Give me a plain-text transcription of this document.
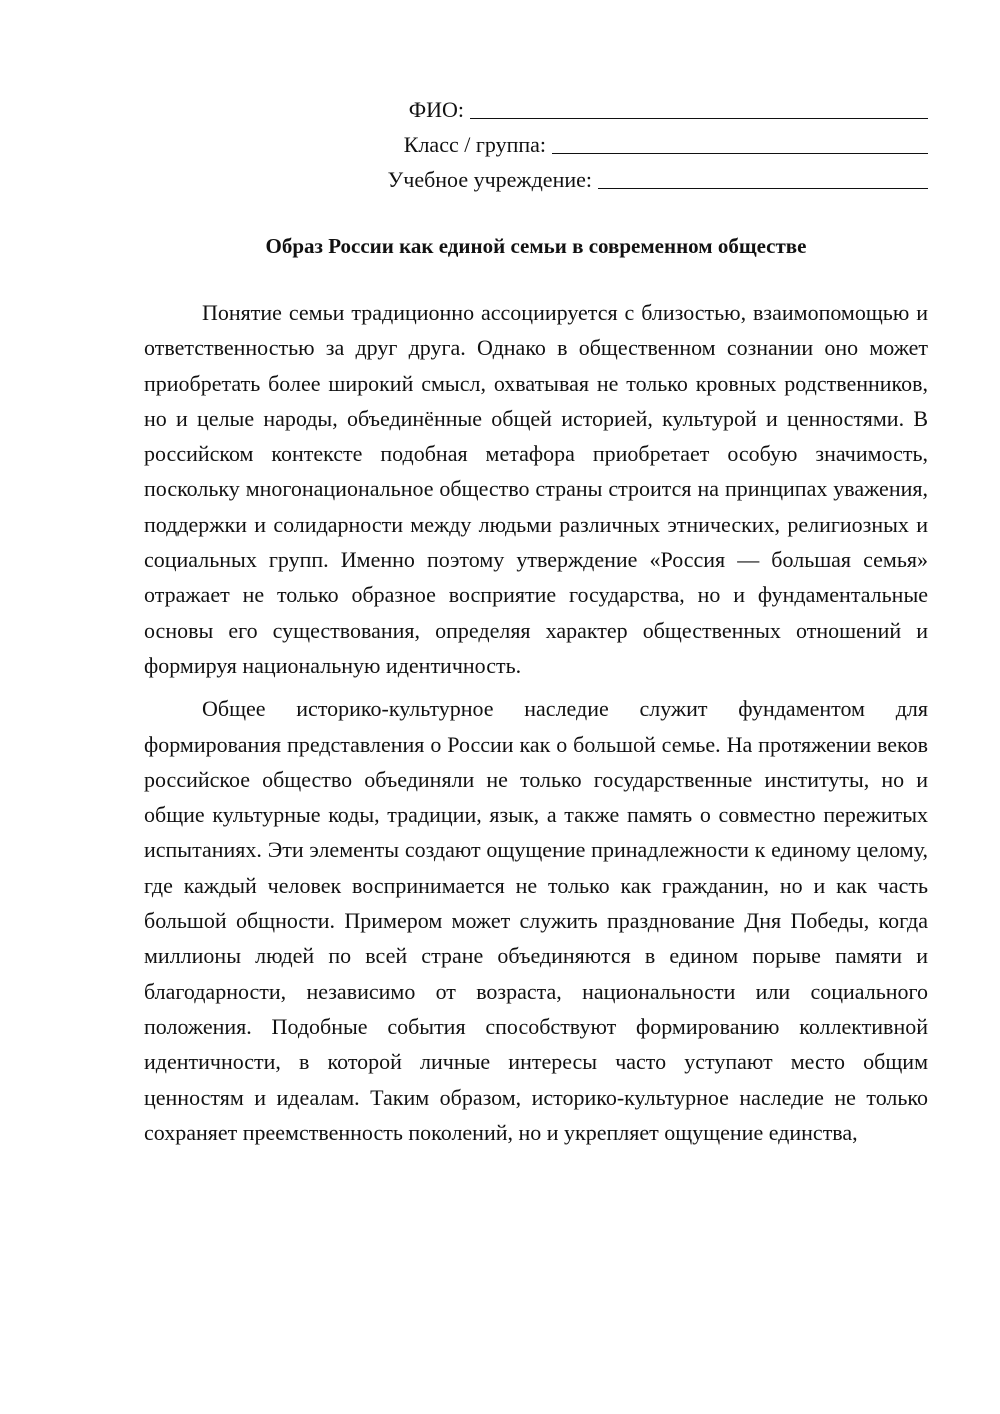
ФИО:
Класс / группа:
Учебное учреждение:
Образ России как единой семьи в современном обществе

Понятие семьи традиционно ассоциируется с близостью, взаимопомощью и ответственностью за друг друга. Однако в общественном сознании оно может приобретать более широкий смысл, охватывая не только кровных родственников, но и целые народы, объединённые общей историей, культурой и ценностями. В российском контексте подобная метафора приобретает особую значимость, поскольку многонациональное общество страны строится на принципах уважения, поддержки и солидарности между людьми различных этнических, религиозных и социальных групп. Именно поэтому утверждение «Россия — большая семья» отражает не только образное восприятие государства, но и фундаментальные основы его существования, определяя характер общественных отношений и формируя национальную идентичность.

Общее историко-культурное наследие служит фундаментом для формирования представления о России как о большой семье. На протяжении веков российское общество объединяли не только государственные институты, но и общие культурные коды, традиции, язык, а также память о совместно пережитых испытаниях. Эти элементы создают ощущение принадлежности к единому целому, где каждый человек воспринимается не только как гражданин, но и как часть большой общности. Примером может служить празднование Дня Победы, когда миллионы людей по всей стране объединяются в едином порыве памяти и благодарности, независимо от возраста, национальности или социального положения. Подобные события способствуют формированию коллективной идентичности, в которой личные интересы часто уступают место общим ценностям и идеалам. Таким образом, историко-культурное наследие не только сохраняет преемственность поколений, но и укрепляет ощущение единства,
